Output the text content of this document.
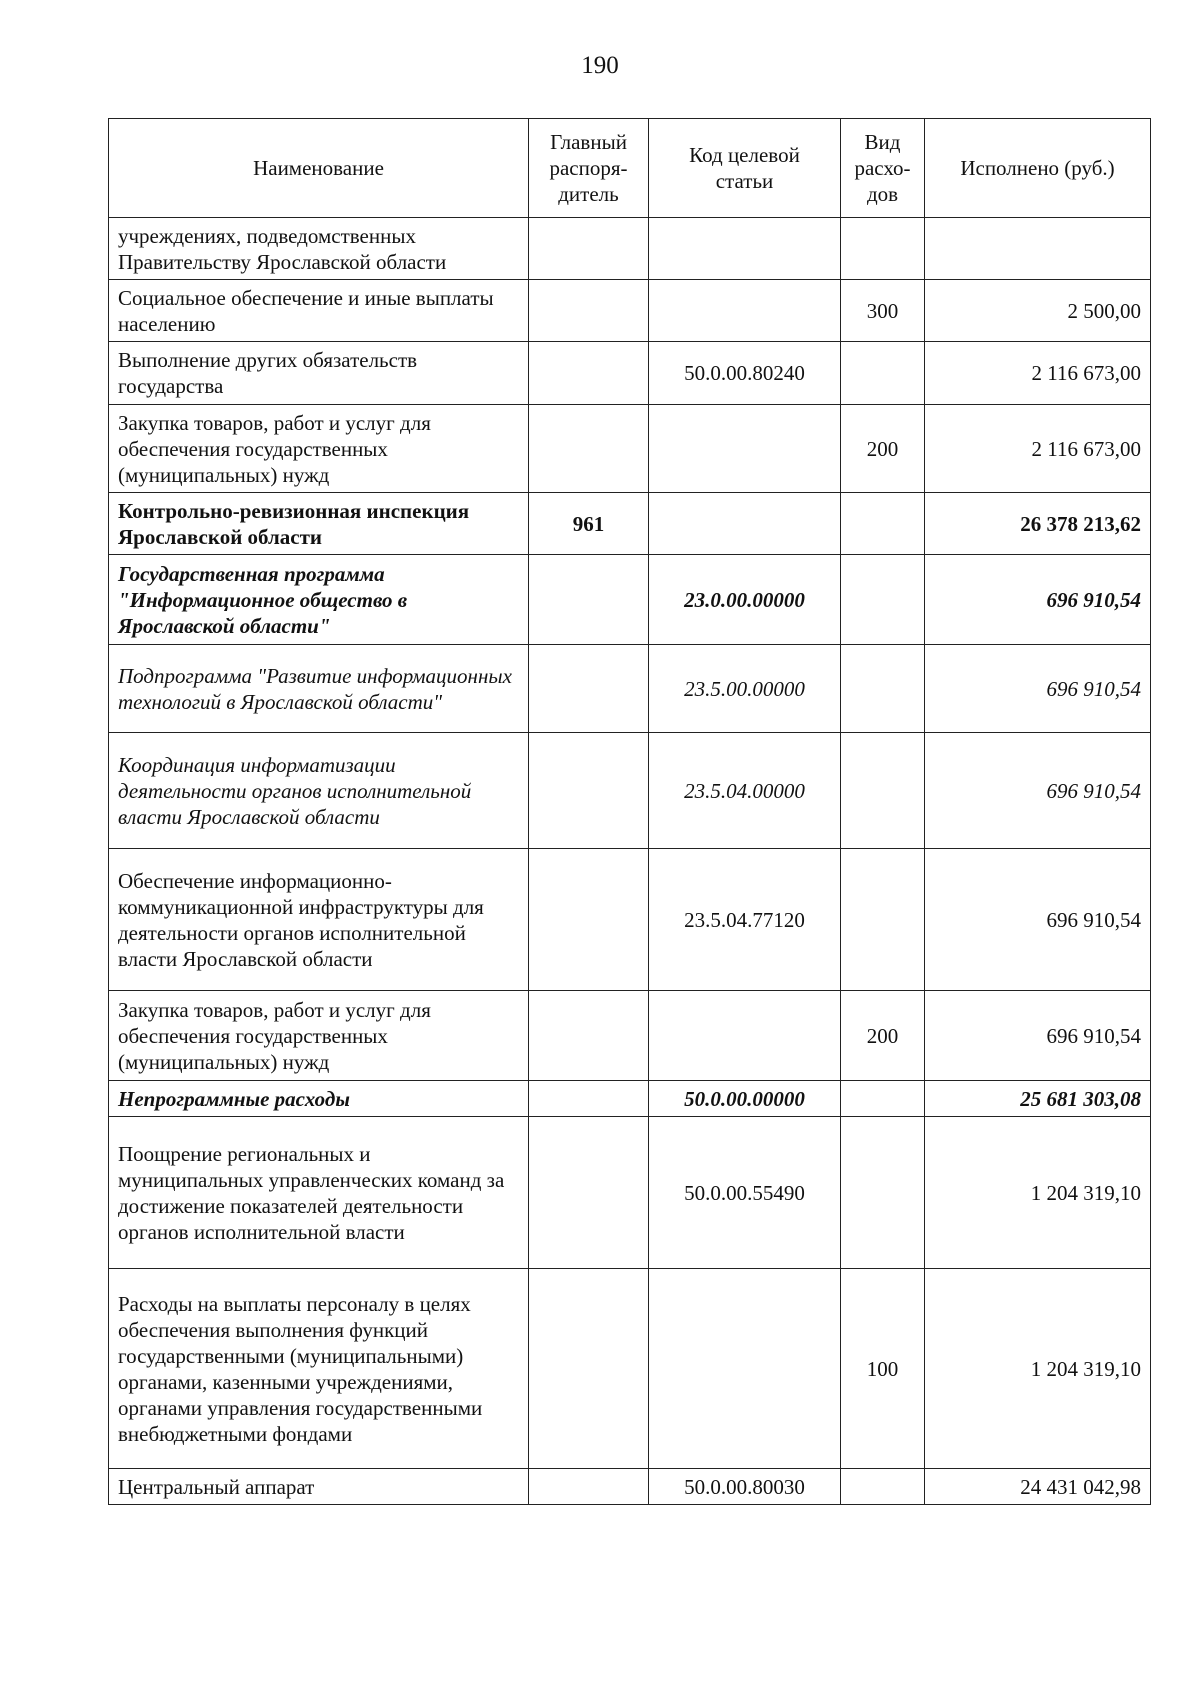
190
Наименование	Главный распоря-дитель	Код целевой статьи	Вид расхо-дов	Исполнено (руб.)
учреждениях, подведомственных Правительству Ярославской области				
Социальное обеспечение и иные выплаты населению			300	2 500,00
Выполнение других обязательств государства		50.0.00.80240		2 116 673,00
Закупка товаров, работ и услуг для обеспечения государственных (муниципальных) нужд			200	2 116 673,00
Контрольно-ревизионная инспекция Ярославской области	961			26 378 213,62
Государственная программа "Информационное общество в Ярославской области"		23.0.00.00000		696 910,54
Подпрограмма "Развитие информационных технологий в Ярославской области"		23.5.00.00000		696 910,54
Координация информатизации деятельности органов исполнительной власти Ярославской области		23.5.04.00000		696 910,54
Обеспечение информационно-коммуникационной инфраструктуры для деятельности органов исполнительной власти Ярославской области		23.5.04.77120		696 910,54
Закупка товаров, работ и услуг для обеспечения государственных (муниципальных) нужд			200	696 910,54
Непрограммные расходы		50.0.00.00000		25 681 303,08
Поощрение региональных и муниципальных управленческих команд за достижение показателей деятельности органов исполнительной власти		50.0.00.55490		1 204 319,10
Расходы на выплаты персоналу в целях обеспечения выполнения функций государственными (муниципальными) органами, казенными учреждениями, органами управления государственными внебюджетными фондами			100	1 204 319,10
Центральный аппарат		50.0.00.80030		24 431 042,98
